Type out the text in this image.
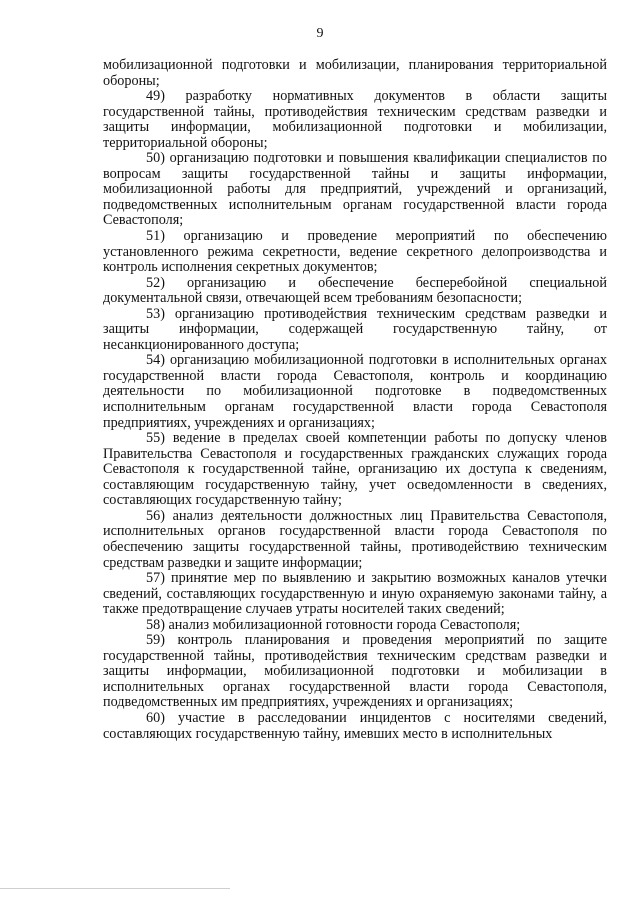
9

мобилизационной подготовки и мобилизации, планирования территориальной обороны;

49) разработку нормативных документов в области защиты государственной тайны, противодействия техническим средствам разведки и защиты информации, мобилизационной подготовки и мобилизации, территориальной обороны;

50) организацию подготовки и повышения квалификации специалистов по вопросам защиты государственной тайны и защиты информации, мобилизационной работы для предприятий, учреждений и организаций, подведомственных исполнительным органам государственной власти города Севастополя;

51) организацию и проведение мероприятий по обеспечению установленного режима секретности, ведение секретного делопроизводства и контроль исполнения секретных документов;

52) организацию и обеспечение бесперебойной специальной документальной связи, отвечающей всем требованиям безопасности;

53) организацию противодействия техническим средствам разведки и защиты информации, содержащей государственную тайну, от несанкционированного доступа;

54) организацию мобилизационной подготовки в исполнительных органах государственной власти города Севастополя, контроль и координацию деятельности по мобилизационной подготовке в подведомственных исполнительным органам государственной власти города Севастополя предприятиях, учреждениях и организациях;

55) ведение в пределах своей компетенции работы по допуску членов Правительства Севастополя и государственных гражданских служащих города Севастополя к государственной тайне, организацию их доступа к сведениям, составляющим государственную тайну, учет осведомленности в сведениях, составляющих государственную тайну;

56) анализ деятельности должностных лиц Правительства Севастополя, исполнительных органов государственной власти города Севастополя по обеспечению защиты государственной тайны, противодействию техническим средствам разведки и защите информации;

57) принятие мер по выявлению и закрытию возможных каналов утечки сведений, составляющих государственную и иную охраняемую законами тайну, а также предотвращение случаев утраты носителей таких сведений;

58) анализ мобилизационной готовности города Севастополя;

59) контроль планирования и проведения мероприятий по защите государственной тайны, противодействия техническим средствам разведки и защиты информации, мобилизационной подготовки и мобилизации в исполнительных органах государственной власти города Севастополя, подведомственных им предприятиях, учреждениях и организациях;

60) участие в расследовании инцидентов с носителями сведений, составляющих государственную тайну, имевших место в исполнительных
